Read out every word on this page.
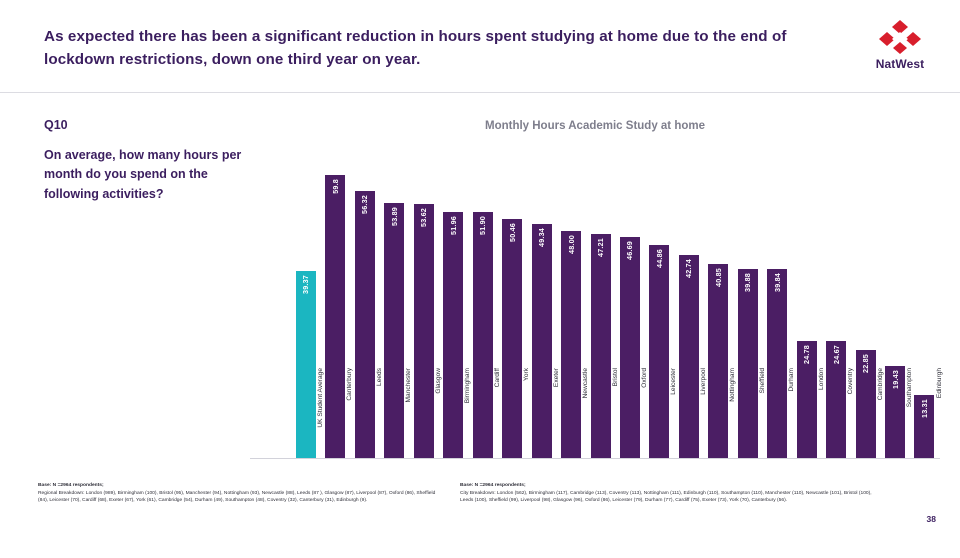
As expected there has been a significant reduction in hours spent studying at home due to the end of lockdown restrictions, down one third year on year.	NatWest
Q10
On average, how many hours per month do you spend on the following activities?
Monthly Hours Academic Study at home
39.37
59.8
56.32
53.89	53.62	51.96	51.90	50.46	49.34	48.00	47.21	46.69	44.86
42.74	40.85	39.88	39.84
24.78	24.67	22.85
19.43
13.31
UK Student Average	Canterbury	Leeds	Manchester	Glasgow	Birmingham	Cardiff	York	Exeter	Newcastle	Bristol	Oxford	Leicester	Liverpool	Nottingham	Sheffield	Durham	London	Coventry	Cambridge	Southampton	Edinburgh
Base: N =2964 respondents;
Regional Breakdown: London (989), Birmingham (100), Bristol (95), Manchester (94), Nottingham (93), Newcastle (88), Leeds (87 ), Glasgow (87), Liverpool (87), Oxford (86), Sheffield (84), Leicester (70), Cardiff (68), Exeter (67), York (61), Cambridge (54), Durham (49), Southampton (48), Coventry (32), Canterbury (31), Edinburgh (9).
Base: N =2964 respondents;
City Breakdown: London (562), Birmingham (117), Cambridge (113), Coventry (113), Nottingham (111), Edinburgh (110), Southampton (110), Manchester (110), Newcastle (101), Bristol (100), Leeds (100), Sheffield (99), Liverpool (98), Glasgow (96), Oxford (86), Leicester (79), Durham (77), Cardiff (75), Exeter (73), York (70), Canterbury (56).
38
